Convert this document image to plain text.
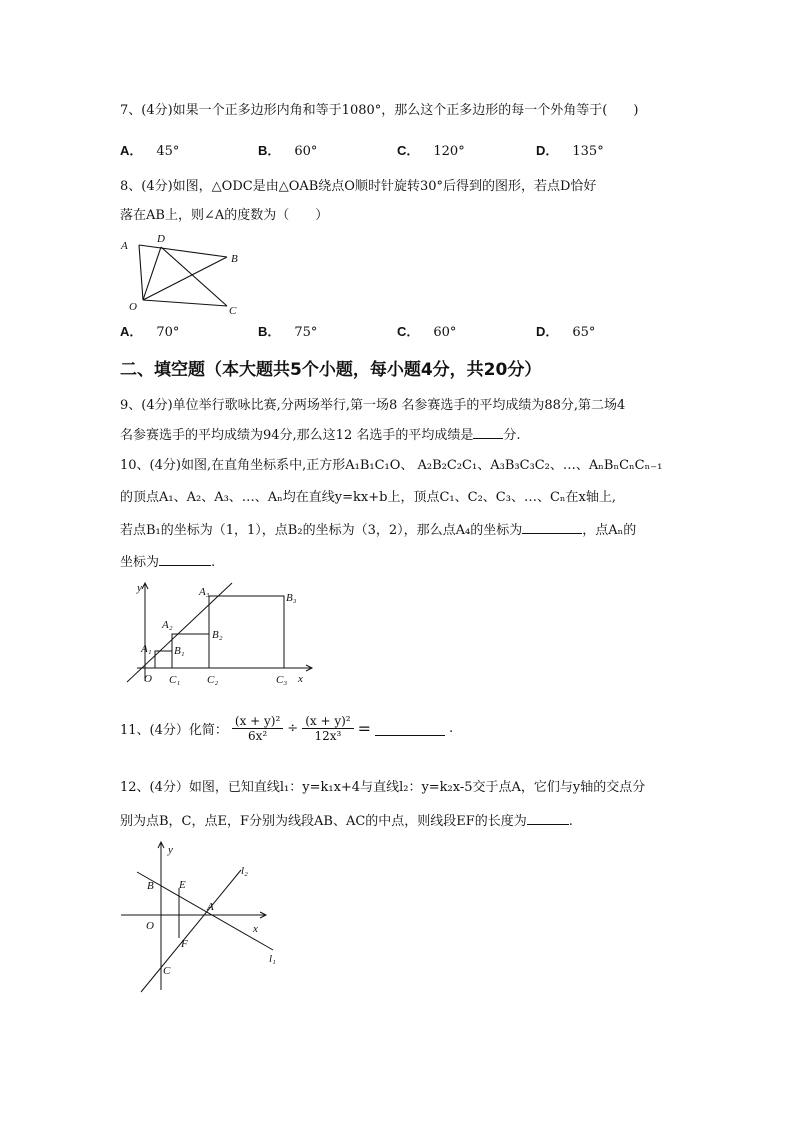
7、(4分)如果一个正多边形内角和等于1080°，那么这个正多边形的每一个外角等于(　　)
A． 45°	B． 60°	C． 120°	D． 135°
8、(4分)如图，△ODC是由△OAB绕点O顺时针旋转30°后得到的图形，若点D恰好
落在AB上，则∠A的度数为（　　）
A
D
B
O	C
A． 70°	B． 75°	C． 60°	D． 65°
二、填空题（本大题共5个小题，每小题4分，共20分）
9、(4分)单位举行歌咏比赛,分两场举行,第一场8 名参赛选手的平均成绩为88分,第二场4
名参赛选手的平均成绩为94分,那么这12 名选手的平均成绩是 分.
10、(4分)如图,在直角坐标系中,正方形A₁B₁C₁O、 A₂B₂C₂C₁、A₃B₃C₃C₂、…、AₙBₙCₙCₙ₋₁
的顶点A₁、A₂、A₃、…、Aₙ均在直线y=kx+b上，顶点C₁、C₂、C₃、…、Cₙ在x轴上,
若点B₁的坐标为（1，1），点B₂的坐标为（3，2），那么点A₄的坐标为	，点Aₙ的
坐标为	.
y
x
O
A₁ B₁
A₂
B₂
A₃	B₃
C₁ C₂	C₃
11、(4分）化简： $\frac{\text{(x + y)²}}{\text{6x²}} \div \frac{\text{(x + y)²}}{\text{12x³}}$ =	.
12、(4分）如图，已知直线l₁：y=k₁x+4与直线l₂：y=k₂x-5交于点A，它们与y轴的交点分
别为点B，C，点E，F分别为线段AB、AC的中点，则线段EF的长度为	.
y
x
O
A
B E
F
C
l₁
l₂
